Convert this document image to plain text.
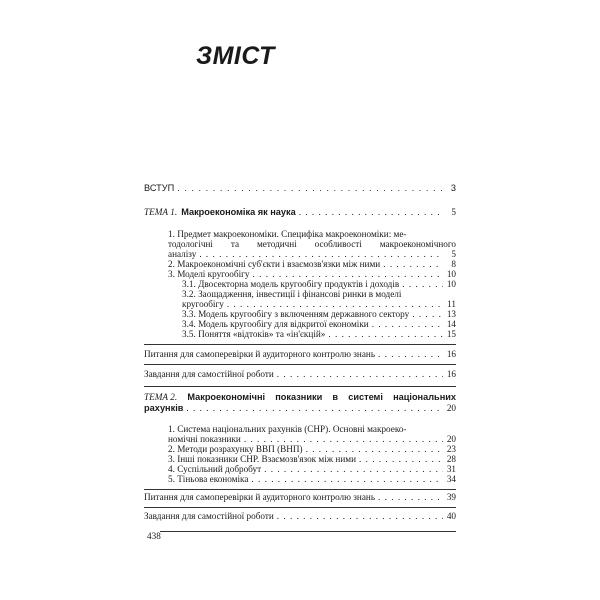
ЗМІСТ
ВСТУП . . .	3
ТЕМА 1. Макроекономіка як наука . . .	5
1. Предмет макроекономіки. Специфіка макроекономіки: ме-
тодологічні та методичні особливості макроекономічного
аналізу . . .	5
2. Макроекономічні суб'єкти і взаємозв'язки між ними . . .	8
3. Моделі кругообігу . . .	10
3.1. Двосекторна модель кругообігу продуктів і доходів . . .	10
3.2. Заощадження, інвестиції і фінансові ринки в моделі
кругообігу . . .	11
3.3. Модель кругообігу з включенням державного сектору . . .	13
3.4. Модель кругообігу для відкритої економіки . . .	14
3.5. Поняття «відтоків» та «ін'єкцій» . . .	15
Питання для самоперевірки й аудиторного контролю знань . . .	16
Завдання для самостійної роботи . . .	16
ТЕМА 2. Макроекономічні показники в системі національних
рахунків . . .	20
1. Система національних рахунків (СНР). Основні макроеко-
номічні показники . . .	20
2. Методи розрахунку ВВП (ВНП) . . .	23
3. Інші показники СНР. Взаємозв'язок між ними . . .	28
4. Суспільний добробут . . .	31
5. Тіньова економіка . . .	34
Питання для самоперевірки й аудиторного контролю знань . . .	39
Завдання для самостійної роботи . . .	40
438
